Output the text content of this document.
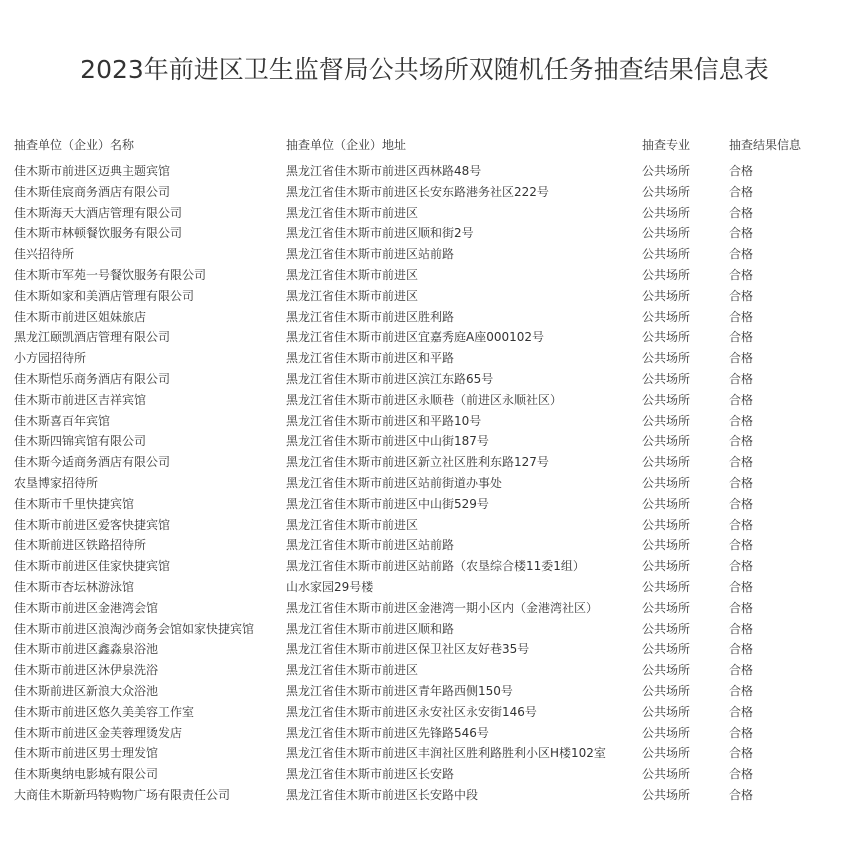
2023年前进区卫生监督局公共场所双随机任务抽查结果信息表
抽查单位（企业）名称	抽查单位（企业）地址	抽查专业	抽查结果信息
佳木斯市前进区迈典主题宾馆	黑龙江省佳木斯市前进区西林路48号	公共场所	合格
佳木斯佳宸商务酒店有限公司	黑龙江省佳木斯市前进区长安东路港务社区222号	公共场所	合格
佳木斯海天大酒店管理有限公司	黑龙江省佳木斯市前进区	公共场所	合格
佳木斯市林顿餐饮服务有限公司	黑龙江省佳木斯市前进区顺和街2号	公共场所	合格
佳兴招待所	黑龙江省佳木斯市前进区站前路	公共场所	合格
佳木斯市军苑一号餐饮服务有限公司	黑龙江省佳木斯市前进区	公共场所	合格
佳木斯如家和美酒店管理有限公司	黑龙江省佳木斯市前进区	公共场所	合格
佳木斯市前进区姐妹旅店	黑龙江省佳木斯市前进区胜利路	公共场所	合格
黑龙江颐凯酒店管理有限公司	黑龙江省佳木斯市前进区宜嘉秀庭A座000102号	公共场所	合格
小方园招待所	黑龙江省佳木斯市前进区和平路	公共场所	合格
佳木斯恺乐商务酒店有限公司	黑龙江省佳木斯市前进区滨江东路65号	公共场所	合格
佳木斯市前进区吉祥宾馆	黑龙江省佳木斯市前进区永顺巷（前进区永顺社区）	公共场所	合格
佳木斯喜百年宾馆	黑龙江省佳木斯市前进区和平路10号	公共场所	合格
佳木斯四锦宾馆有限公司	黑龙江省佳木斯市前进区中山街187号	公共场所	合格
佳木斯今适商务酒店有限公司	黑龙江省佳木斯市前进区新立社区胜利东路127号	公共场所	合格
农垦博家招待所	黑龙江省佳木斯市前进区站前街道办事处	公共场所	合格
佳木斯市千里快捷宾馆	黑龙江省佳木斯市前进区中山街529号	公共场所	合格
佳木斯市前进区爱客快捷宾馆	黑龙江省佳木斯市前进区	公共场所	合格
佳木斯前进区铁路招待所	黑龙江省佳木斯市前进区站前路	公共场所	合格
佳木斯市前进区佳家快捷宾馆	黑龙江省佳木斯市前进区站前路（农垦综合楼11委1组）	公共场所	合格
佳木斯市杏坛林游泳馆	山水家园29号楼	公共场所	合格
佳木斯市前进区金港湾会馆	黑龙江省佳木斯市前进区金港湾一期小区内（金港湾社区）	公共场所	合格
佳木斯市前进区浪淘沙商务会馆如家快捷宾馆	黑龙江省佳木斯市前进区顺和路	公共场所	合格
佳木斯市前进区鑫淼泉浴池	黑龙江省佳木斯市前进区保卫社区友好巷35号	公共场所	合格
佳木斯市前进区沐伊泉洗浴	黑龙江省佳木斯市前进区	公共场所	合格
佳木斯前进区新浪大众浴池	黑龙江省佳木斯市前进区青年路西侧150号	公共场所	合格
佳木斯市前进区悠久美美容工作室	黑龙江省佳木斯市前进区永安社区永安街146号	公共场所	合格
佳木斯市前进区金芙蓉理烫发店	黑龙江省佳木斯市前进区先锋路546号	公共场所	合格
佳木斯市前进区男士理发馆	黑龙江省佳木斯市前进区丰润社区胜利路胜利小区H楼102室	公共场所	合格
佳木斯奥纳电影城有限公司	黑龙江省佳木斯市前进区长安路	公共场所	合格
大商佳木斯新玛特购物广场有限责任公司	黑龙江省佳木斯市前进区长安路中段	公共场所	合格
